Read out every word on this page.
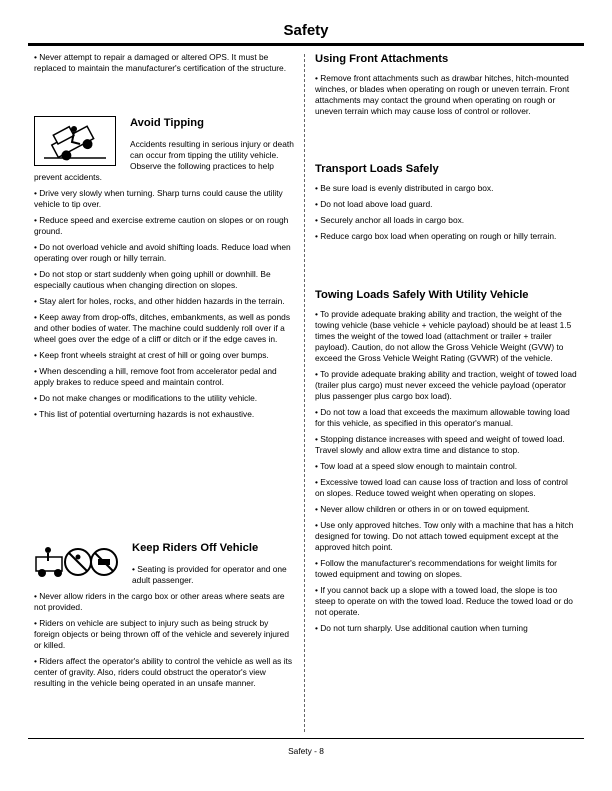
Safety

• Never attempt to repair a damaged or altered OPS. It must be replaced to maintain the manufacturer's certification of the structure.

Avoid Tipping

Accidents resulting in serious injury or death can occur from tipping the utility vehicle. Observe the following practices to help prevent accidents.

• Drive very slowly when turning. Sharp turns could cause the utility vehicle to tip over.

• Reduce speed and exercise extreme caution on slopes or on rough ground.

• Do not overload vehicle and avoid shifting loads. Reduce load when operating over rough or hilly terrain.

• Do not stop or start suddenly when going uphill or downhill. Be especially cautious when changing direction on slopes.

• Stay alert for holes, rocks, and other hidden hazards in the terrain.

• Keep away from drop-offs, ditches, embankments, as well as ponds and other bodies of water. The machine could suddenly roll over if a wheel goes over the edge of a cliff or ditch or if the edge caves in.

• Keep front wheels straight at crest of hill or going over bumps.

• When descending a hill, remove foot from accelerator pedal and apply brakes to reduce speed and maintain control.

• Do not make changes or modifications to the utility vehicle.

• This list of potential overturning hazards is not exhaustive.

Keep Riders Off Vehicle

• Seating is provided for operator and one adult passenger.

• Never allow riders in the cargo box or other areas where seats are not provided.

• Riders on vehicle are subject to injury such as being struck by foreign objects or being thrown off of the vehicle and severely injured or killed.

• Riders affect the operator's ability to control the vehicle as well as its center of gravity. Also, riders could obstruct the operator's view resulting in the vehicle being operated in an unsafe manner.

Using Front Attachments

• Remove front attachments such as drawbar hitches, hitch-mounted winches, or blades when operating on rough or uneven terrain. Front attachments may contact the ground when operating on rough or uneven terrain which may cause loss of control or rollover.

Transport Loads Safely

• Be sure load is evenly distributed in cargo box.

• Do not load above load guard.

• Securely anchor all loads in cargo box.

• Reduce cargo box load when operating on rough or hilly terrain.

Towing Loads Safely With Utility Vehicle

• To provide adequate braking ability and traction, the weight of the towing vehicle (base vehicle + vehicle payload) should be at least 1.5 times the weight of the towed load (attachment or trailer + trailer payload). Caution, do not allow the Gross Vehicle Weight (GVW) to exceed the Gross Vehicle Weight Rating (GVWR) of the vehicle.

• To provide adequate braking ability and traction, weight of towed load (trailer plus cargo) must never exceed the vehicle payload (operator plus passenger plus cargo box load).

• Do not tow a load that exceeds the maximum allowable towing load for this vehicle, as specified in this operator's manual.

• Stopping distance increases with speed and weight of towed load. Travel slowly and allow extra time and distance to stop.

• Tow load at a speed slow enough to maintain control.

• Excessive towed load can cause loss of traction and loss of control on slopes. Reduce towed weight when operating on slopes.

• Never allow children or others in or on towed equipment.

• Use only approved hitches. Tow only with a machine that has a hitch designed for towing. Do not attach towed equipment except at the approved hitch point.

• Follow the manufacturer's recommendations for weight limits for towed equipment and towing on slopes.

• If you cannot back up a slope with a towed load, the slope is too steep to operate on with the towed load. Reduce the towed load or do not operate.

• Do not turn sharply. Use additional caution when turning

Safety - 8
